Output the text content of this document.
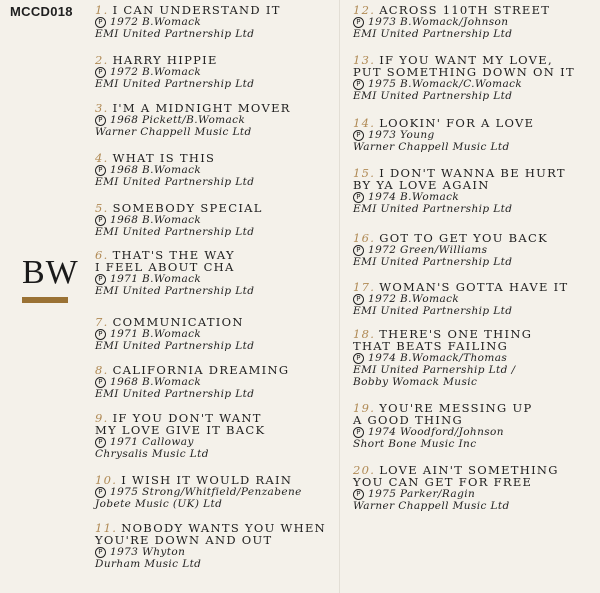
MCCD018
BW
1. I CAN UNDERSTAND IT
P 1972 B.Womack
EMI United Partnership Ltd
2. HARRY HIPPIE
P 1972 B.Womack
EMI United Partnership Ltd
3. I'M A MIDNIGHT MOVER
P 1968 Pickett/B.Womack
Warner Chappell Music Ltd
4. WHAT IS THIS
P 1968 B.Womack
EMI United Partnership Ltd
5. SOMEBODY SPECIAL
P 1968 B.Womack
EMI United Partnership Ltd
6. THAT'S THE WAY
I FEEL ABOUT CHA
P 1971 B.Womack
EMI United Partnership Ltd
7. COMMUNICATION
P 1971 B.Womack
EMI United Partnership Ltd
8. CALIFORNIA DREAMING
P 1968 B.Womack
EMI United Partnership Ltd
9. IF YOU DON'T WANT
MY LOVE GIVE IT BACK
P 1971 Calloway
Chrysalis Music Ltd
10. I WISH IT WOULD RAIN
P 1975 Strong/Whitfield/Penzabene
Jobete Music (UK) Ltd
11. NOBODY WANTS YOU WHEN
YOU'RE DOWN AND OUT
P 1973 Whyton
Durham Music Ltd
12. ACROSS 110TH STREET
P 1973 B.Womack/Johnson
EMI United Partnership Ltd
13. IF YOU WANT MY LOVE,
PUT SOMETHING DOWN ON IT
P 1975 B.Womack/C.Womack
EMI United Partnership Ltd
14. LOOKIN' FOR A LOVE
P 1973 Young
Warner Chappell Music Ltd
15. I DON'T WANNA BE HURT
BY YA LOVE AGAIN
P 1974 B.Womack
EMI United Partnership Ltd
16. GOT TO GET YOU BACK
P 1972 Green/Williams
EMI United Partnership Ltd
17. WOMAN'S GOTTA HAVE IT
P 1972 B.Womack
EMI United Partnership Ltd
18. THERE'S ONE THING
THAT BEATS FAILING
P 1974 B.Womack/Thomas
EMI United Parnership Ltd /
Bobby Womack Music
19. YOU'RE MESSING UP
A GOOD THING
P 1974 Woodford/Johnson
Short Bone Music Inc
20. LOVE AIN'T SOMETHING
YOU CAN GET FOR FREE
P 1975 Parker/Ragin
Warner Chappell Music Ltd
